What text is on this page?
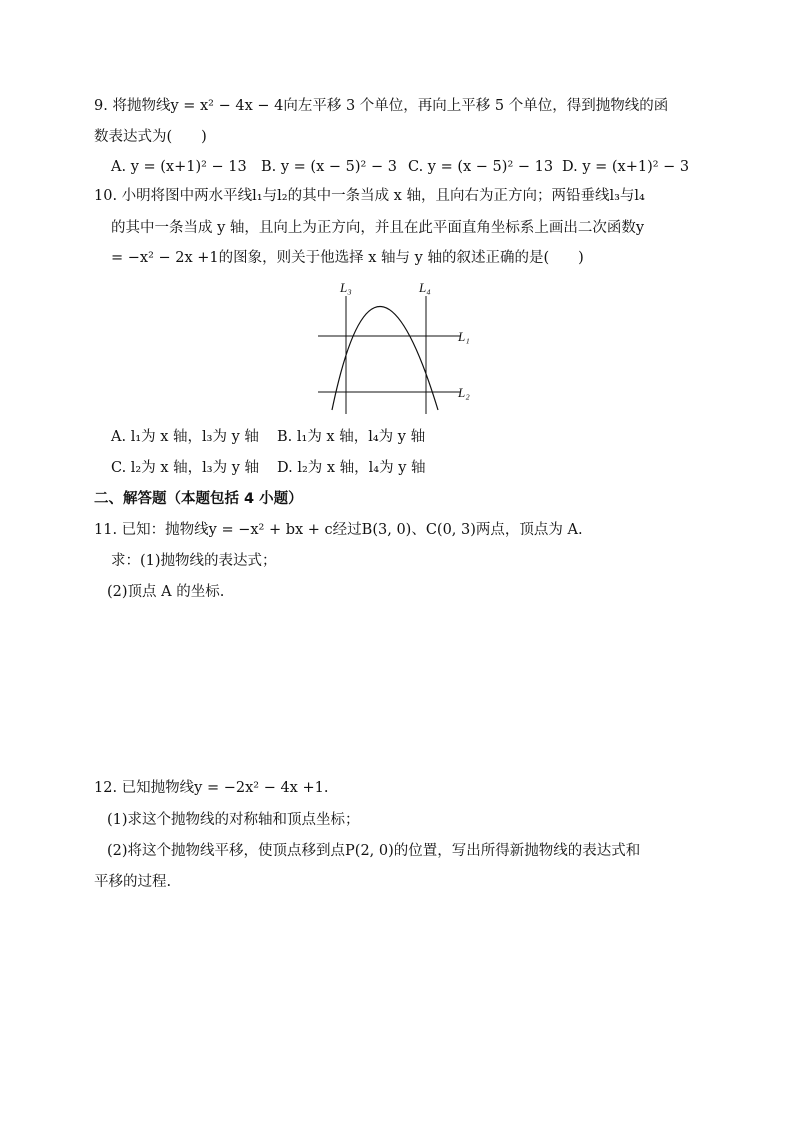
9. 将抛物线y = x² − 4x − 4向左平移 3 个单位，再向上平移 5 个单位，得到抛物线的函
数表达式为(　　)
A. y = (x+1)² − 13 B. y = (x − 5)² − 3 C. y = (x − 5)² − 13 D. y = (x+1)² − 3
10. 小明将图中两水平线l₁与l₂的其中一条当成 x 轴，且向右为正方向；两铅垂线l₃与l₄
的其中一条当成 y 轴，且向上为正方向，并且在此平面直角坐标系上画出二次函数y
= −x² − 2x +1的图象，则关于他选择 x 轴与 y 轴的叙述正确的是(　　)
L₃	L₄
L₁
L₂
A. l₁为 x 轴，l₃为 y 轴 B. l₁为 x 轴，l₄为 y 轴
C. l₂为 x 轴，l₃为 y 轴 D. l₂为 x 轴，l₄为 y 轴
二、解答题（本题包括 4 小题）
11. 已知：抛物线y = −x² + bx + c经过B(3, 0)、C(0, 3)两点，顶点为 A.
求：(1)抛物线的表达式；
(2)顶点 A 的坐标.
12. 已知抛物线y = −2x² − 4x +1.
(1)求这个抛物线的对称轴和顶点坐标；
(2)将这个抛物线平移，使顶点移到点P(2, 0)的位置，写出所得新抛物线的表达式和
平移的过程.
